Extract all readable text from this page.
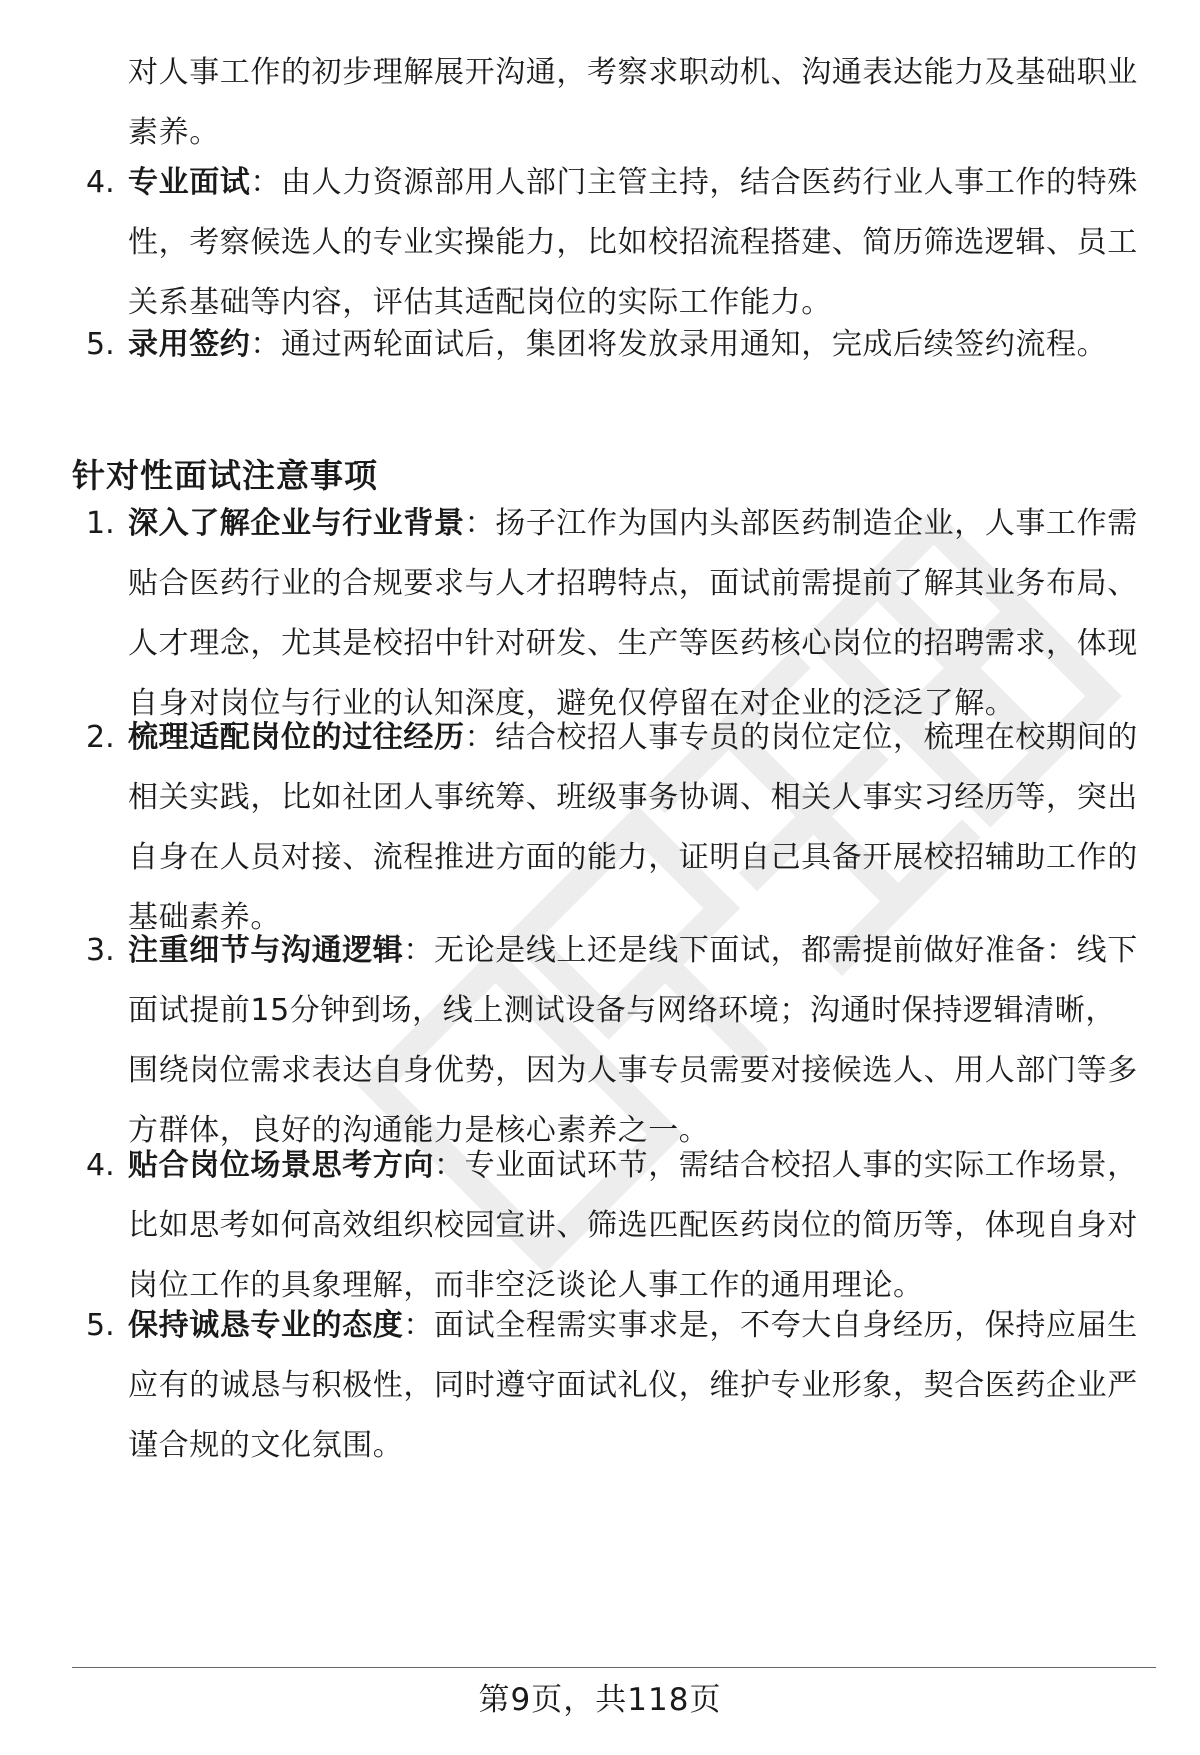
对人事工作的初步理解展开沟通，考察求职动机、沟通表达能力及基础职业素养。
4. 专业面试：由人力资源部用人部门主管主持，结合医药行业人事工作的特殊性，考察候选人的专业实操能力，比如校招流程搭建、简历筛选逻辑、员工关系基础等内容，评估其适配岗位的实际工作能力。
5. 录用签约：通过两轮面试后，集团将发放录用通知，完成后续签约流程。
针对性面试注意事项
1. 深入了解企业与行业背景：扬子江作为国内头部医药制造企业，人事工作需贴合医药行业的合规要求与人才招聘特点，面试前需提前了解其业务布局、人才理念，尤其是校招中针对研发、生产等医药核心岗位的招聘需求，体现自身对岗位与行业的认知深度，避免仅停留在对企业的泛泛了解。
2. 梳理适配岗位的过往经历：结合校招人事专员的岗位定位，梳理在校期间的相关实践，比如社团人事统筹、班级事务协调、相关人事实习经历等，突出自身在人员对接、流程推进方面的能力，证明自己具备开展校招辅助工作的基础素养。
3. 注重细节与沟通逻辑：无论是线上还是线下面试，都需提前做好准备：线下面试提前15分钟到场，线上测试设备与网络环境；沟通时保持逻辑清晰，围绕岗位需求表达自身优势，因为人事专员需要对接候选人、用人部门等多方群体，良好的沟通能力是核心素养之一。
4. 贴合岗位场景思考方向：专业面试环节，需结合校招人事的实际工作场景，比如思考如何高效组织校园宣讲、筛选匹配医药岗位的简历等，体现自身对岗位工作的具象理解，而非空泛谈论人事工作的通用理论。
5. 保持诚恳专业的态度：面试全程需实事求是，不夸大自身经历，保持应届生应有的诚恳与积极性，同时遵守面试礼仪，维护专业形象，契合医药企业严谨合规的文化氛围。
第9页，共118页
